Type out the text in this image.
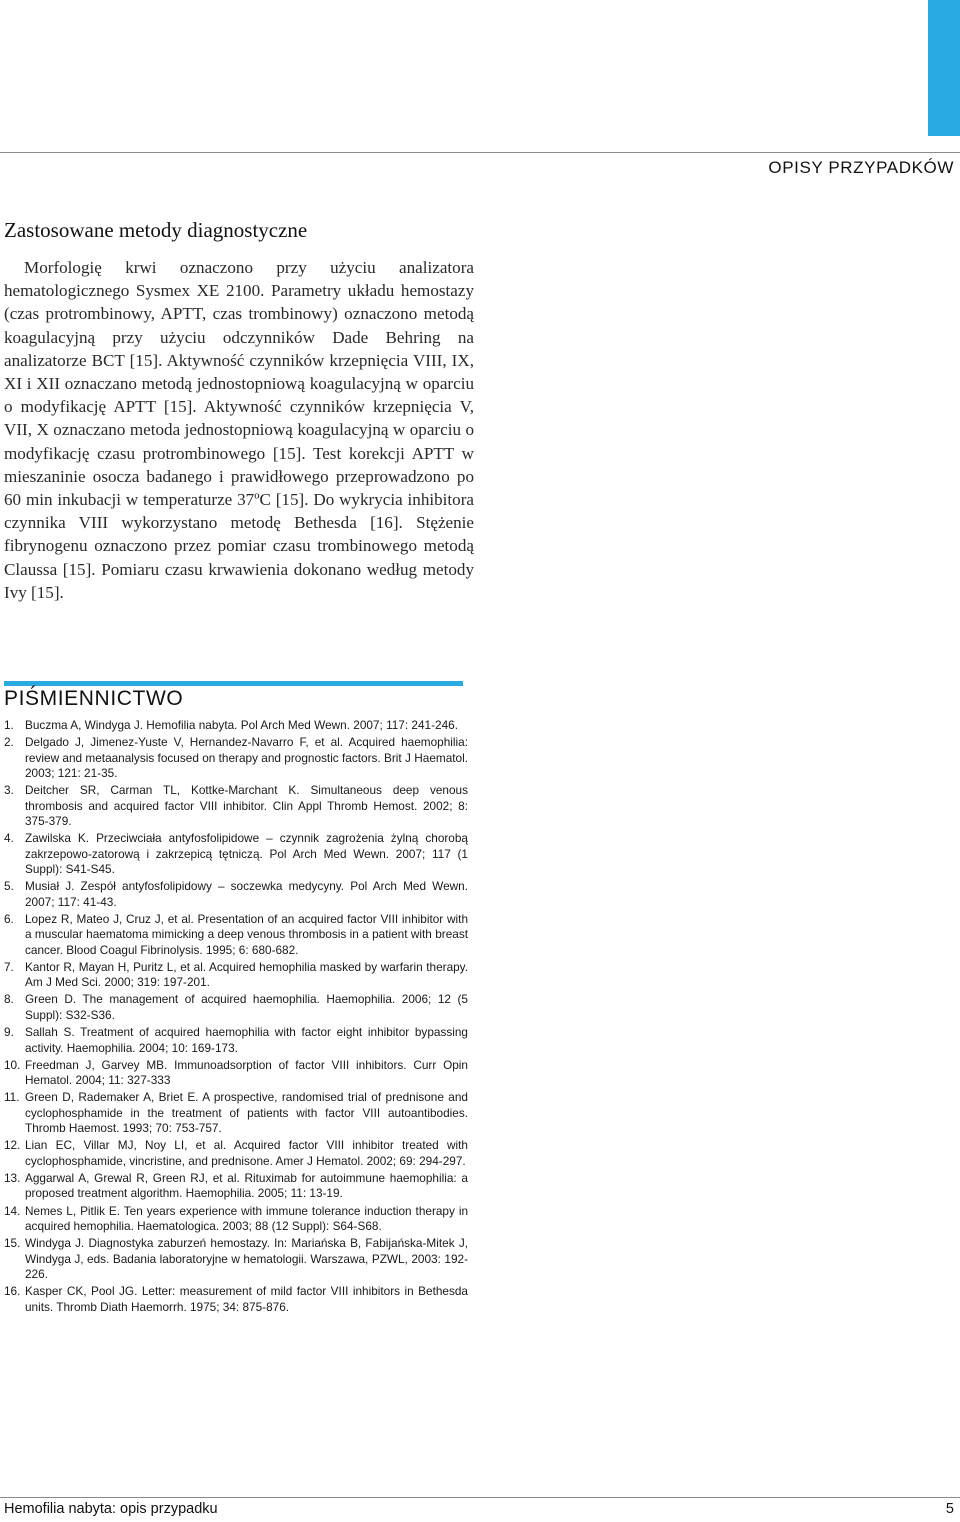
OPISY PRZYPADKÓW
Zastosowane metody diagnostyczne

Morfologię krwi oznaczono przy użyciu analizatora hematologicznego Sysmex XE 2100. Parametry układu hemostazy (czas protrombinowy, APTT, czas trombinowy) oznaczono metodą koagulacyjną przy użyciu odczynników Dade Behring na analizatorze BCT [15]. Aktywność czynników krzepnięcia VIII, IX, XI i XII oznaczano metodą jednostopniową koagulacyjną w oparciu o modyfikację APTT [15]. Aktywność czynników krzepnięcia V, VII, X oznaczano metoda jednostopniową koagulacyjną w oparciu o modyfikację czasu protrombinowego [15]. Test korekcji APTT w mieszaninie osocza badanego i prawidłowego przeprowadzono po 60 min inkubacji w temperaturze 37ºC [15]. Do wykrycia inhibitora czynnika VIII wykorzystano metodę Bethesda [16]. Stężenie fibrynogenu oznaczono przez pomiar czasu trombinowego metodą Claussa [15]. Pomiaru czasu krwawienia dokonano według metody Ivy [15].

PIŚMIENNICTWO
1. Buczma A, Windyga J. Hemofilia nabyta. Pol Arch Med Wewn. 2007; 117: 241-246.
2. Delgado J, Jimenez-Yuste V, Hernandez-Navarro F, et al. Acquired haemophilia: review and metaanalysis focused on therapy and prognostic factors. Brit J Haematol. 2003; 121: 21-35.
3. Deitcher SR, Carman TL, Kottke-Marchant K. Simultaneous deep venous thrombosis and acquired factor VIII inhibitor. Clin Appl Thromb Hemost. 2002; 8: 375-379.
4. Zawilska K. Przeciwciała antyfosfolipidowe – czynnik zagrożenia żylną chorobą zakrzepowo-zatorową i zakrzepicą tętniczą. Pol Arch Med Wewn. 2007; 117 (1 Suppl): S41-S45.
5. Musiał J. Zespół antyfosfolipidowy – soczewka medycyny. Pol Arch Med Wewn. 2007; 117: 41-43.
6. Lopez R, Mateo J, Cruz J, et al. Presentation of an acquired factor VIII inhibitor with a muscular haematoma mimicking a deep venous thrombosis in a patient with breast cancer. Blood Coagul Fibrinolysis. 1995; 6: 680-682.
7. Kantor R, Mayan H, Puritz L, et al. Acquired hemophilia masked by warfarin therapy. Am J Med Sci. 2000; 319: 197-201.
8. Green D. The management of acquired haemophilia. Haemophilia. 2006; 12 (5 Suppl): S32-S36.
9. Sallah S. Treatment of acquired haemophilia with factor eight inhibitor bypassing activity. Haemophilia. 2004; 10: 169-173.
10. Freedman J, Garvey MB. Immunoadsorption of factor VIII inhibitors. Curr Opin Hematol. 2004; 11: 327-333
11. Green D, Rademaker A, Briet E. A prospective, randomised trial of prednisone and cyclophosphamide in the treatment of patients with factor VIII autoantibodies. Thromb Haemost. 1993; 70: 753-757.
12. Lian EC, Villar MJ, Noy LI, et al. Acquired factor VIII inhibitor treated with cyclophosphamide, vincristine, and prednisone. Amer J Hematol. 2002; 69: 294-297.
13. Aggarwal A, Grewal R, Green RJ, et al. Rituximab for autoimmune haemophilia: a proposed treatment algorithm. Haemophilia. 2005; 11: 13-19.
14. Nemes L, Pitlik E. Ten years experience with immune tolerance induction therapy in acquired hemophilia. Haematologica. 2003; 88 (12 Suppl): S64-S68.
15. Windyga J. Diagnostyka zaburzeń hemostazy. In: Mariańska B, Fabijańska-Mitek J, Windyga J, eds. Badania laboratoryjne w hematologii. Warszawa, PZWL, 2003: 192-226.
16. Kasper CK, Pool JG. Letter: measurement of mild factor VIII inhibitors in Bethesda units. Thromb Diath Haemorrh. 1975; 34: 875-876.
Hemofilia nabyta: opis przypadku	5
